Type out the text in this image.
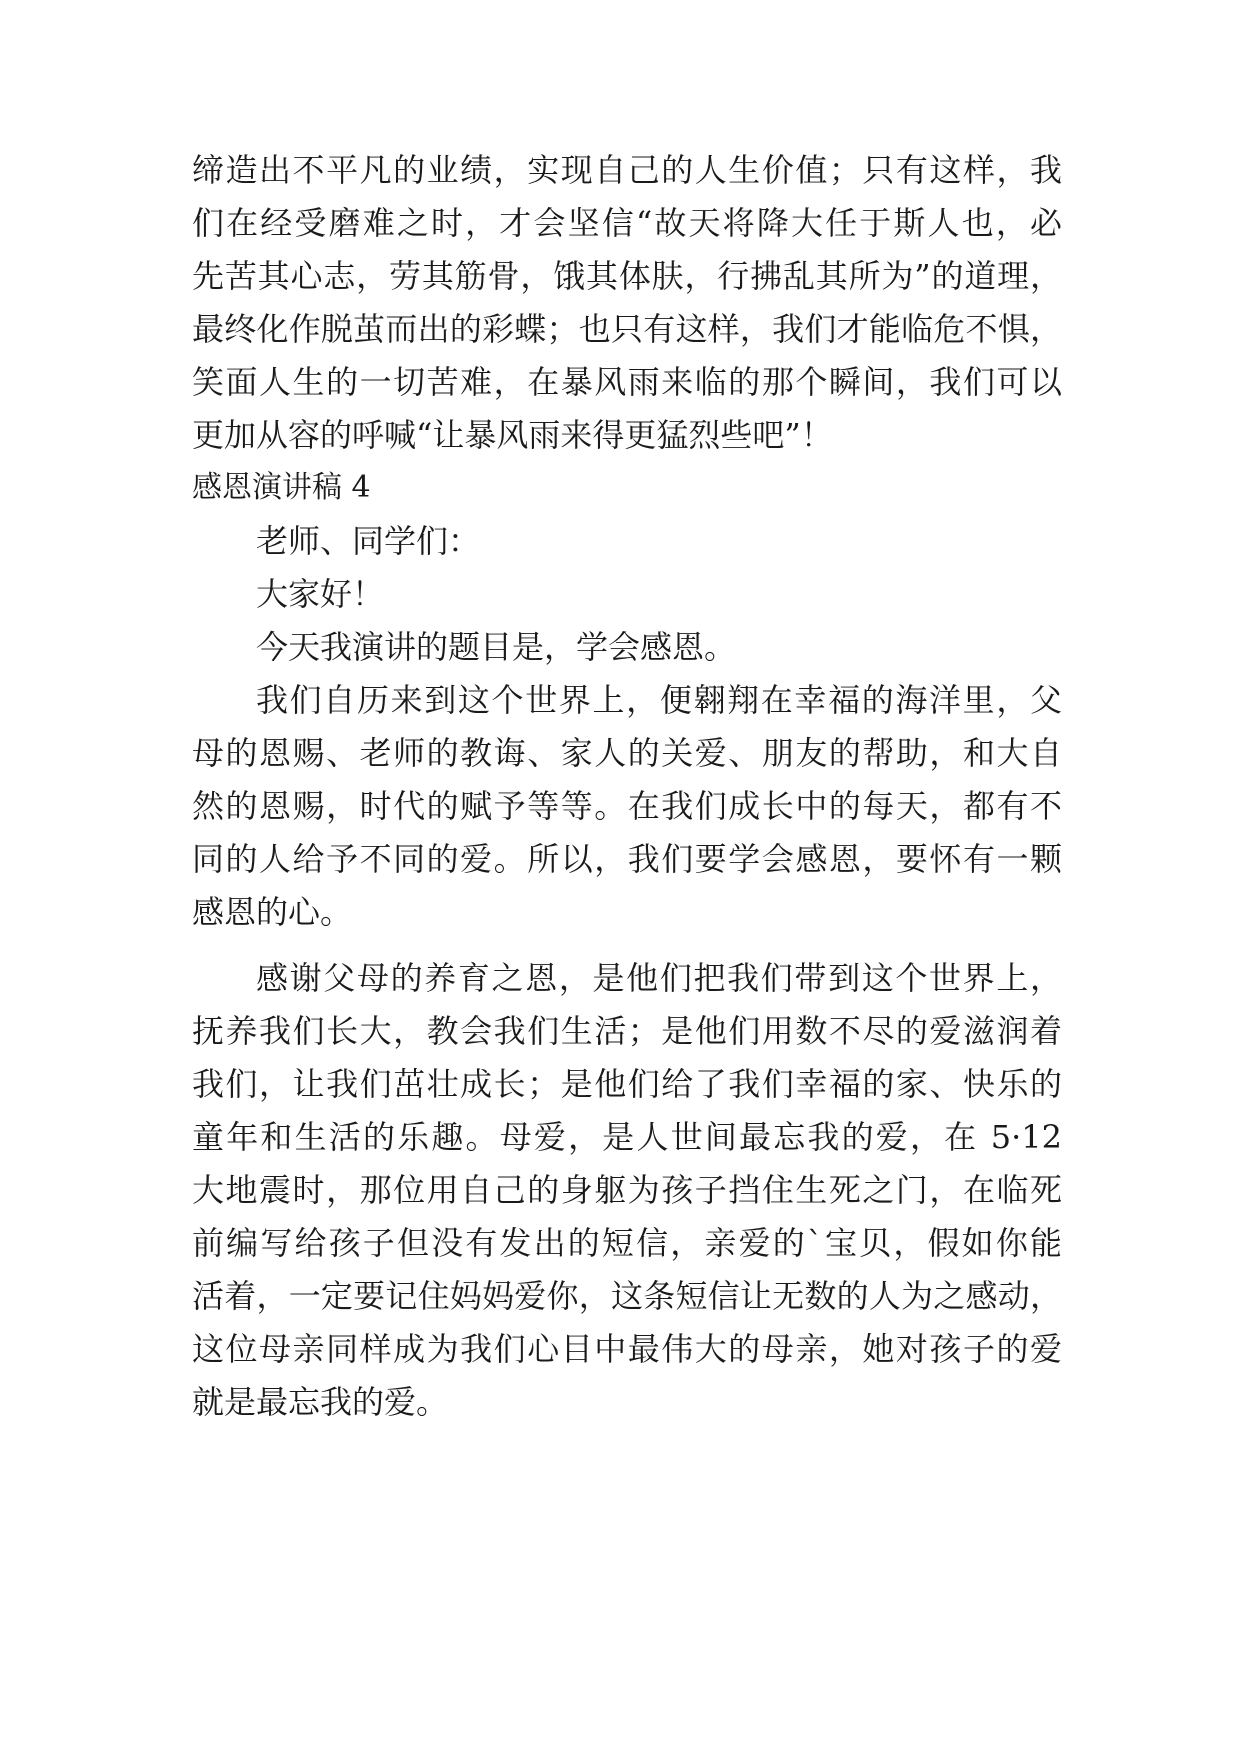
缔造出不平凡的业绩，实现自己的人生价值；只有这样，我
们在经受磨难之时，才会坚信“故天将降大任于斯人也，必
先苦其心志，劳其筋骨，饿其体肤，行拂乱其所为”的道理，
最终化作脱茧而出的彩蝶；也只有这样，我们才能临危不惧，
笑面人生的一切苦难，在暴风雨来临的那个瞬间，我们可以
更加从容的呼喊“让暴风雨来得更猛烈些吧”！
感恩演讲稿 4
老师、同学们：
大家好！
今天我演讲的题目是，学会感恩。
我们自历来到这个世界上，便翱翔在幸福的海洋里，父
母的恩赐、老师的教诲、家人的关爱、朋友的帮助，和大自
然的恩赐，时代的赋予等等。在我们成长中的每天，都有不
同的人给予不同的爱。所以，我们要学会感恩，要怀有一颗
感恩的心。
感谢父母的养育之恩，是他们把我们带到这个世界上，
抚养我们长大，教会我们生活；是他们用数不尽的爱滋润着
我们，让我们茁壮成长；是他们给了我们幸福的家、快乐的
童年和生活的乐趣。母爱，是人世间最忘我的爱，在 5·12
大地震时，那位用自己的身躯为孩子挡住生死之门，在临死
前编写给孩子但没有发出的短信，亲爱的`宝贝，假如你能
活着，一定要记住妈妈爱你，这条短信让无数的人为之感动，
这位母亲同样成为我们心目中最伟大的母亲，她对孩子的爱
就是最忘我的爱。
